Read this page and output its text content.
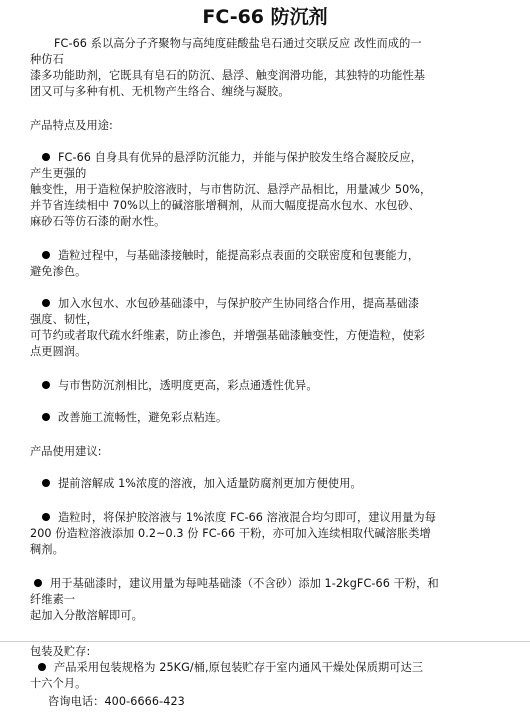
FC-66 防沉剂
FC-66 系以高分子齐聚物与高纯度硅酸盐皂石通过交联反应 改性而成的一
种仿石
漆多功能助剂，它既具有皂石的防沉、悬浮、触变润滑功能，其独特的功能性基
团又可与多种有机、无机物产生络合、缠绕与凝胶。
产品特点及用途:
FC-66 自身具有优异的悬浮防沉能力，并能与保护胶发生络合凝胶反应，
产生更强的
触变性，用于造粒保护胶溶液时，与市售防沉、悬浮产品相比，用量减少 50%，
并节省连续相中 70%以上的碱溶胀增稠剂，从而大幅度提高水包水、水包砂、
麻砂石等仿石漆的耐水性。
造粒过程中，与基础漆接触时，能提高彩点表面的交联密度和包裹能力，
避免渗色。
加入水包水、水包砂基础漆中，与保护胶产生协同络合作用，提高基础漆
强度、韧性，
可节约或者取代疏水纤维素，防止渗色，并增强基础漆触变性，方便造粒，使彩
点更圆润。
与市售防沉剂相比，透明度更高，彩点通透性优异。
改善施工流畅性，避免彩点粘连。
产品使用建议:
提前溶解成 1%浓度的溶液，加入适量防腐剂更加方便使用。
造粒时，将保护胶溶液与 1%浓度 FC-66 溶液混合均匀即可，建议用量为每
200 份造粒溶液添加 0.2~0.3 份 FC-66 干粉，亦可加入连续相取代碱溶胀类增
稠剂。
用于基础漆时，建议用量为每吨基础漆（不含砂）添加 1-2kgFC-66 干粉，和
纤维素一
起加入分散溶解即可。
包装及贮存:
产品采用包装规格为 25KG/桶,原包装贮存于室内通风干燥处保质期可达三
十六个月。
咨询电话：400-6666-423
